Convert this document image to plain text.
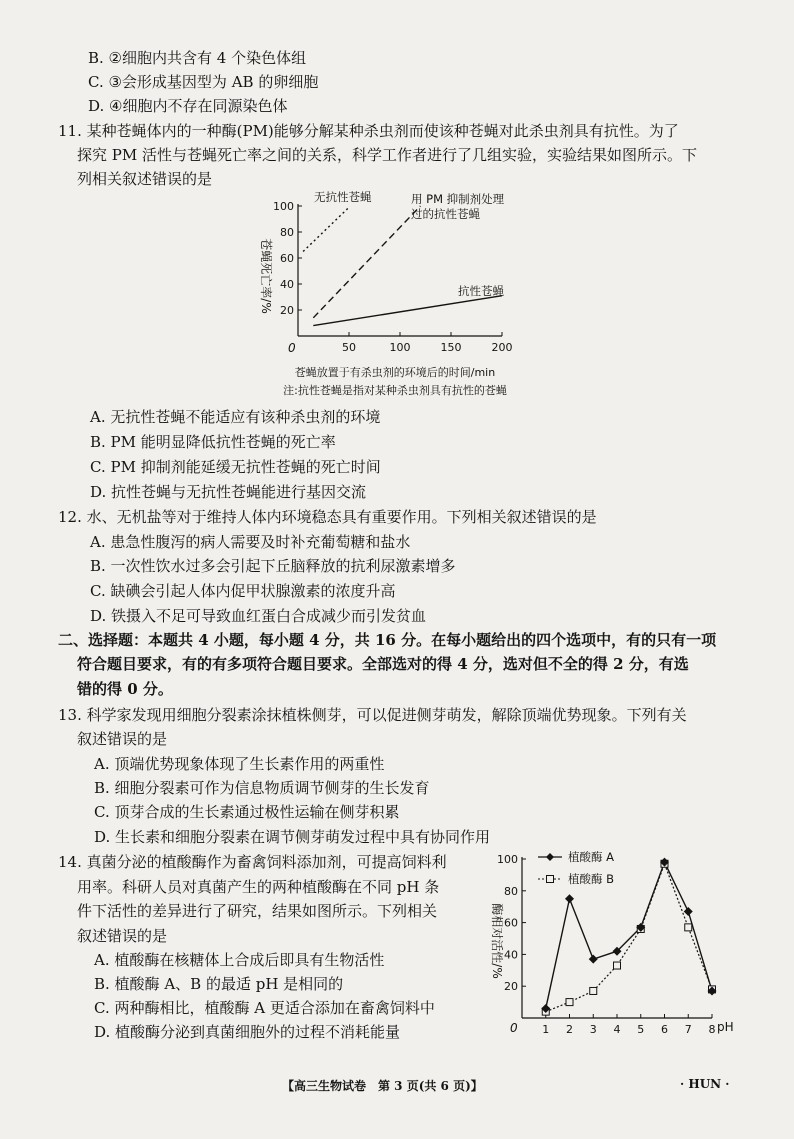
B. ②细胞内共含有 4 个染色体组
C. ③会形成基因型为 AB 的卵细胞
D. ④细胞内不存在同源染色体
11. 某种苍蝇体内的一种酶(PM)能够分解某种杀虫剂而使该种苍蝇对此杀虫剂具有抗性。为了
探究 PM 活性与苍蝇死亡率之间的关系，科学工作者进行了几组实验，实验结果如图所示。下
列相关叙述错误的是
0
20
40
60
80
100
50	100	150	200
苍蝇死亡率/%
苍蝇放置于有杀虫剂的环境后的时间/min
注:抗性苍蝇是指对某种杀虫剂具有抗性的苍蝇
无抗性苍蝇	用 PM 抑制剂处理
过的抗性苍蝇
抗性苍蝇
A. 无抗性苍蝇不能适应有该种杀虫剂的环境
B. PM 能明显降低抗性苍蝇的死亡率
C. PM 抑制剂能延缓无抗性苍蝇的死亡时间
D. 抗性苍蝇与无抗性苍蝇能进行基因交流
12. 水、无机盐等对于维持人体内环境稳态具有重要作用。下列相关叙述错误的是
A. 患急性腹泻的病人需要及时补充葡萄糖和盐水
B. 一次性饮水过多会引起下丘脑释放的抗利尿激素增多
C. 缺碘会引起人体内促甲状腺激素的浓度升高
D. 铁摄入不足可导致血红蛋白合成减少而引发贫血
二、选择题：本题共 4 小题，每小题 4 分，共 16 分。在每小题给出的四个选项中，有的只有一项
符合题目要求，有的有多项符合题目要求。全部选对的得 4 分，选对但不全的得 2 分，有选
错的得 0 分。
13. 科学家发现用细胞分裂素涂抹植株侧芽，可以促进侧芽萌发，解除顶端优势现象。下列有关
叙述错误的是
A. 顶端优势现象体现了生长素作用的两重性
B. 细胞分裂素可作为信息物质调节侧芽的生长发育
C. 顶芽合成的生长素通过极性运输在侧芽积累
D. 生长素和细胞分裂素在调节侧芽萌发过程中具有协同作用
14. 真菌分泌的植酸酶作为畜禽饲料添加剂，可提高饲料利
用率。科研人员对真菌产生的两种植酸酶在不同 pH 条
件下活性的差异进行了研究，结果如图所示。下列相关
叙述错误的是
A. 植酸酶在核糖体上合成后即具有生物活性
B. 植酸酶 A、B 的最适 pH 是相同的
C. 两种酶相比，植酸酶 A 更适合添加在畜禽饲料中
D. 植酸酶分泌到真菌细胞外的过程不消耗能量	0
20
40
60
80
100
1 2 3 4 5 6 7 8
植酸酶 A
植酸酶 B
酶相对活性/%
pH
【高三生物试卷　第 3 页(共 6 页)】	· HUN ·
